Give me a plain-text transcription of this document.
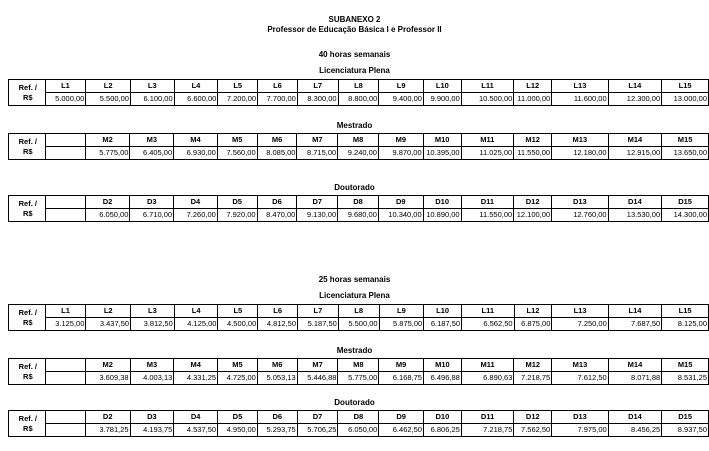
SUBANEXO 2
Professor de Educação Básica I e Professor II
40 horas semanais
Licenciatura Plena
Ref. /
R$	L1	L2	L3	L4	L5	L6	L7	L8	L9	L10	L11	L12	L13	L14	L15
	5.000,00	5.500,00	6.100,00	6.600,00	7.200,00	7.700,00	8.300,00	8.800,00	9.400,00	9.900,00	10.500,00	11.000,00	11.600,00	12.300,00	13.000,00
Mestrado
Ref. /
R$		M2	M3	M4	M5	M6	M7	M8	M9	M10	M11	M12	M13	M14	M15
		5.775,00	6.405,00	6.930,00	7.560,00	8.085,00	8.715,00	9.240,00	9.870,00	10.395,00	11.025,00	11.550,00	12.180,00	12.915,00	13.650,00
Doutorado
Ref. /
R$		D2	D3	D4	D5	D6	D7	D8	D9	D10	D11	D12	D13	D14	D15
		6.050,00	6.710,00	7.260,00	7.920,00	8.470,00	9.130,00	9.680,00	10.340,00	10.890,00	11.550,00	12.100,00	12.760,00	13.530,00	14.300,00
25 horas semanais
Licenciatura Plena
Ref. /
R$	L1	L2	L3	L4	L5	L6	L7	L8	L9	L10	L11	L12	L13	L14	L15
	3.125,00	3.437,50	3.812,50	4.125,00	4.500,00	4.812,50	5.187,50	5.500,00	5.875,00	6.187,50	6.562,50	6.875,00	7.250,00	7.687,50	8.125,00
Mestrado
Ref. /
R$		M2	M3	M4	M5	M6	M7	M8	M9	M10	M11	M12	M13	M14	M15
		3.609,38	4.003,13	4.331,25	4.725,00	5.053,13	5.446,88	5.775,00	6.168,75	6.496,88	6.890,63	7.218,75	7.612,50	8.071,88	8.531,25
Doutorado
Ref. /
R$		D2	D3	D4	D5	D6	D7	D8	D9	D10	D11	D12	D13	D14	D15
		3.781,25	4.193,75	4.537,50	4.950,00	5.293,75	5.706,25	6.050,00	6.462,50	6.806,25	7.218,75	7.562,50	7.975,00	8.456,25	8.937,50
